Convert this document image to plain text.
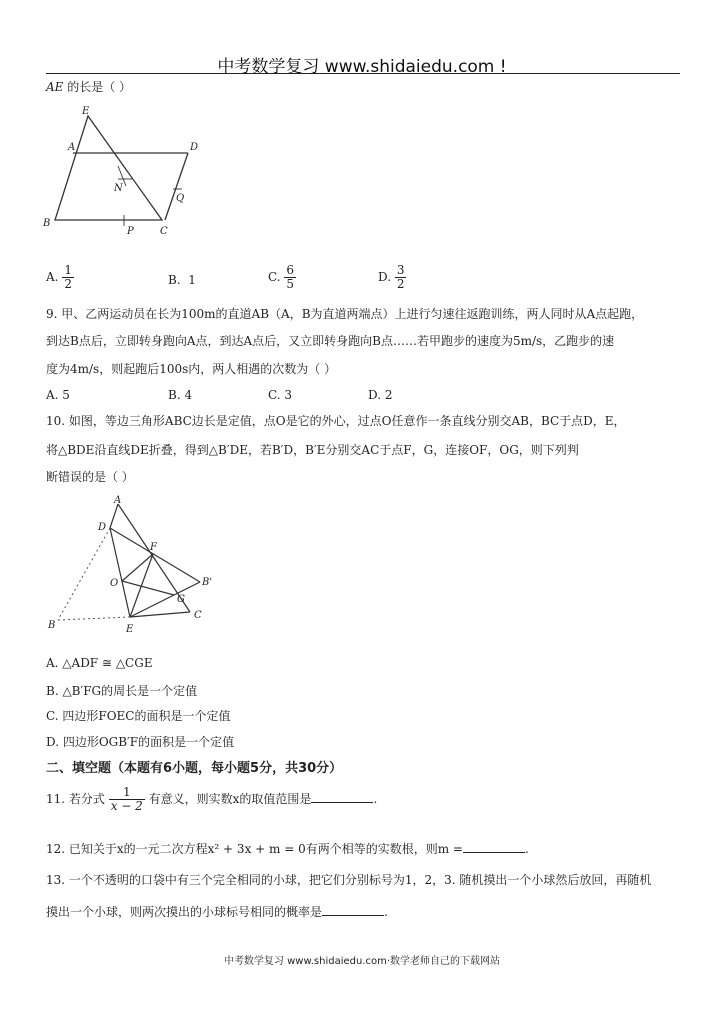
中考数学复习 www.shidaiedu.com !
AE 的长是（ ）
E
A	D
N
Q
B
P	C
A. $\frac{1}{2}$	B. 1	C. $\frac{6}{5}$	D. $\frac{3}{2}$
9. 甲、乙两运动员在长为100m的直道AB（A，B为直道两端点）上进行匀速往返跑训练，两人同时从A点起跑，
到达B点后，立即转身跑向A点，到达A点后，又立即转身跑向B点……若甲跑步的速度为5m/s，乙跑步的速
度为4m/s，则起跑后100s内，两人相遇的次数为（ ）
A. 5	B. 4	C. 3	D. 2
10. 如图，等边三角形ABC边长是定值，点O是它的外心，过点O任意作一条直线分别交AB，BC于点D，E，
将△BDE沿直线DE折叠，得到△B′DE，若B′D，B′E分别交AC于点F，G，连接OF，OG，则下列判
断错误的是（ ）
A
D
F
O	B'
G
C
B	E
A. △ADF ≅ △CGE
B. △B′FG的周长是一个定值
C. 四边形FOEC的面积是一个定值
D. 四边形OGB′F的面积是一个定值
二、填空题（本题有6小题，每小题5分，共30分）
11. 若分式 $\frac{1}{x - 2}$ 有意义，则实数x的取值范围是	.
12. 已知关于x的一元二次方程x² + 3x + m = 0有两个相等的实数根，则m =	.
13. 一个不透明的口袋中有三个完全相同的小球，把它们分别标号为1，2，3. 随机摸出一个小球然后放回，再随机
摸出一个小球，则两次摸出的小球标号相同的概率是	.
中考数学复习 www.shidaiedu.com·数学老师自己的下载网站
